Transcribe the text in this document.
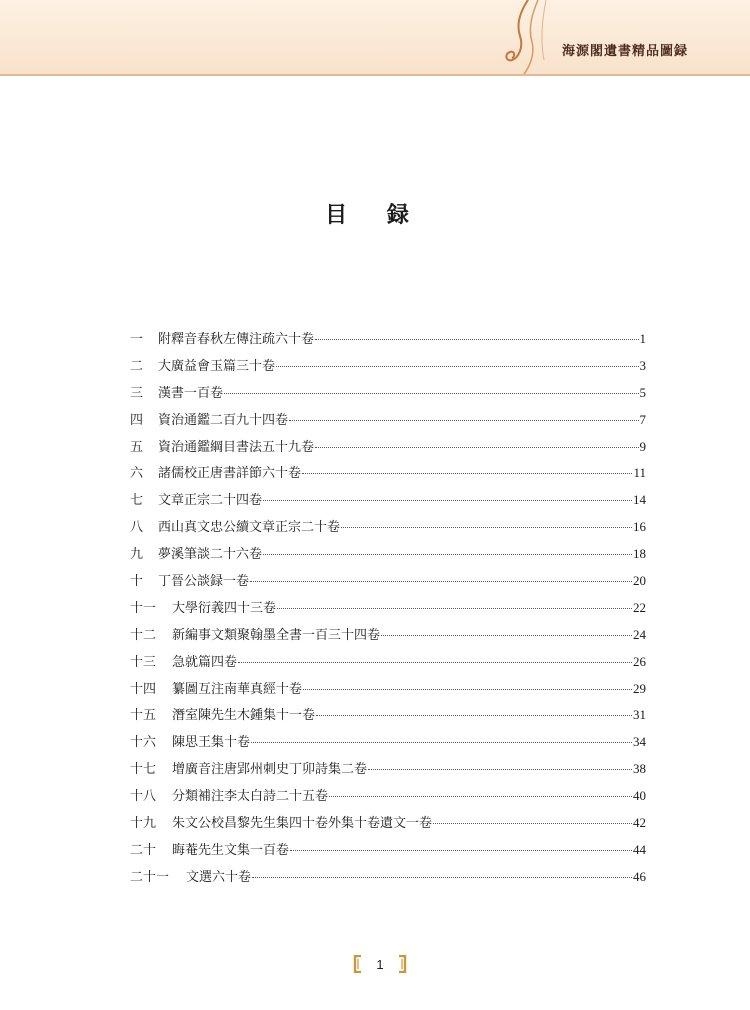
海源閣遺書精品圖録
目 録
一	附釋音春秋左傳注疏六十卷	1
二	大廣益會玉篇三十卷	3
三	漢書一百卷	5
四	資治通鑑二百九十四卷	7
五	資治通鑑綱目書法五十九卷	9
六	諸儒校正唐書詳節六十卷	11
七	文章正宗二十四卷	14
八	西山真文忠公續文章正宗二十卷	16
九	夢溪筆談二十六卷	18
十	丁晉公談録一卷	20
十一	大學衍義四十三卷	22
十二	新編事文類聚翰墨全書一百三十四卷	24
十三	急就篇四卷	26
十四	纂圖互注南華真經十卷	29
十五	潛室陳先生木鍾集十一卷	31
十六	陳思王集十卷	34
十七	增廣音注唐郢州刺史丁卯詩集二卷	38
十八	分類補注李太白詩二十五卷	40
十九	朱文公校昌黎先生集四十卷外集十卷遺文一卷	42
二十	晦菴先生文集一百卷	44
二十一	文選六十卷	46
1
